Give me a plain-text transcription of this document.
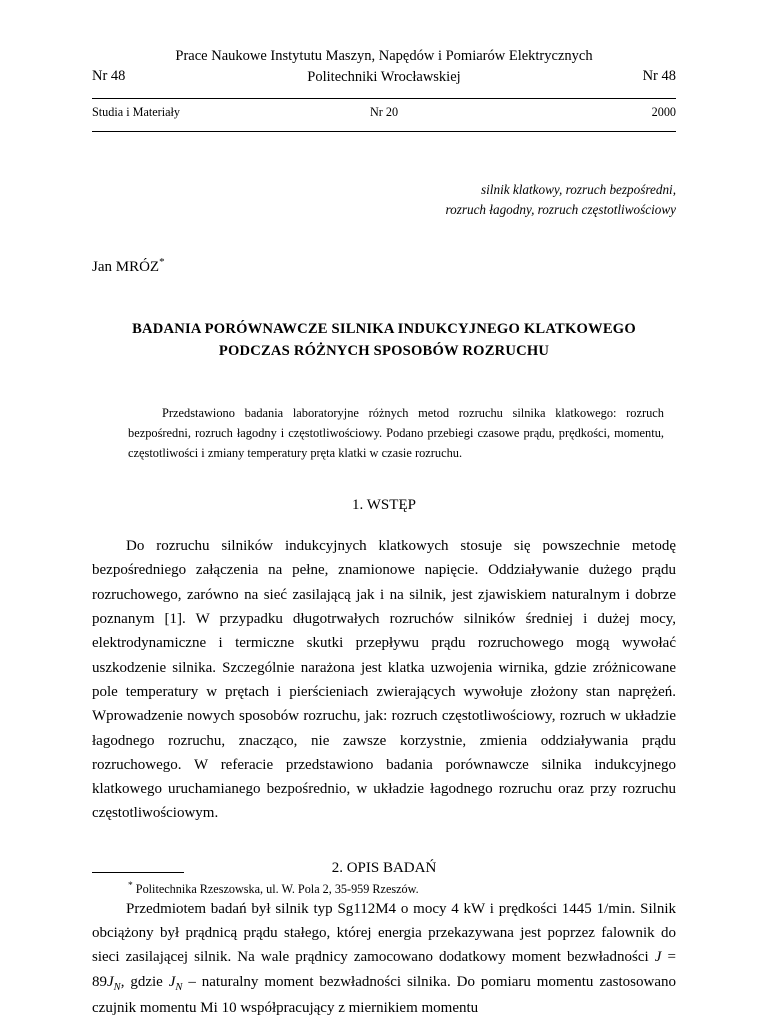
Prace Naukowe Instytutu Maszyn, Napędów i Pomiarów Elektrycznych
Politechniki Wrocławskiej
Nr 48	Nr 48
Studia i Materiały	Nr 20	2000
silnik klatkowy, rozruch bezpośredni,
rozruch łagodny, rozruch częstotliwościowy
Jan MRÓZ*
BADANIA PORÓWNAWCZE SILNIKA INDUKCYJNEGO KLATKOWEGO
PODCZAS RÓŻNYCH SPOSOBÓW ROZRUCHU
Przedstawiono badania laboratoryjne różnych metod rozruchu silnika klatkowego: rozruch bezpośredni, rozruch łagodny i częstotliwościowy. Podano przebiegi czasowe prądu, prędkości, momentu, częstotliwości i zmiany temperatury pręta klatki w czasie rozruchu.
1. WSTĘP

Do rozruchu silników indukcyjnych klatkowych stosuje się powszechnie metodę bezpośredniego załączenia na pełne, znamionowe napięcie. Oddziaływanie dużego prądu rozruchowego, zarówno na sieć zasilającą jak i na silnik, jest zjawiskiem naturalnym i dobrze poznanym [1]. W przypadku długotrwałych rozruchów silników średniej i dużej mocy, elektrodynamiczne i termiczne skutki przepływu prądu rozruchowego mogą wywołać uszkodzenie silnika. Szczególnie narażona jest klatka uzwojenia wirnika, gdzie zróżnicowane pole temperatury w prętach i pierścieniach zwierających wywołuje złożony stan naprężeń. Wprowadzenie nowych sposobów rozruchu, jak: rozruch częstotliwościowy, rozruch w układzie łagodnego rozruchu, znacząco, nie zawsze korzystnie, zmienia oddziaływania prądu rozruchowego. W referacie przedstawiono badania porównawcze silnika indukcyjnego klatkowego uruchamianego bezpośrednio, w układzie łagodnego rozruchu oraz przy rozruchu częstotliwościowym.

2. OPIS BADAŃ

Przedmiotem badań był silnik typ Sg112M4 o mocy 4 kW i prędkości 1445 1/min. Silnik obciążony był prądnicą prądu stałego, której energia przekazywana jest poprzez falownik do sieci zasilającej silnik. Na wale prądnicy zamocowano dodatkowy moment bezwładności $J = 89J_N$, gdzie $J_N$ – naturalny moment bezwładności silnika. Do pomiaru momentu zastosowano czujnik momentu Mi 10 współpracujący z miernikiem momentu

* Politechnika Rzeszowska, ul. W. Pola 2, 35-959 Rzeszów.
